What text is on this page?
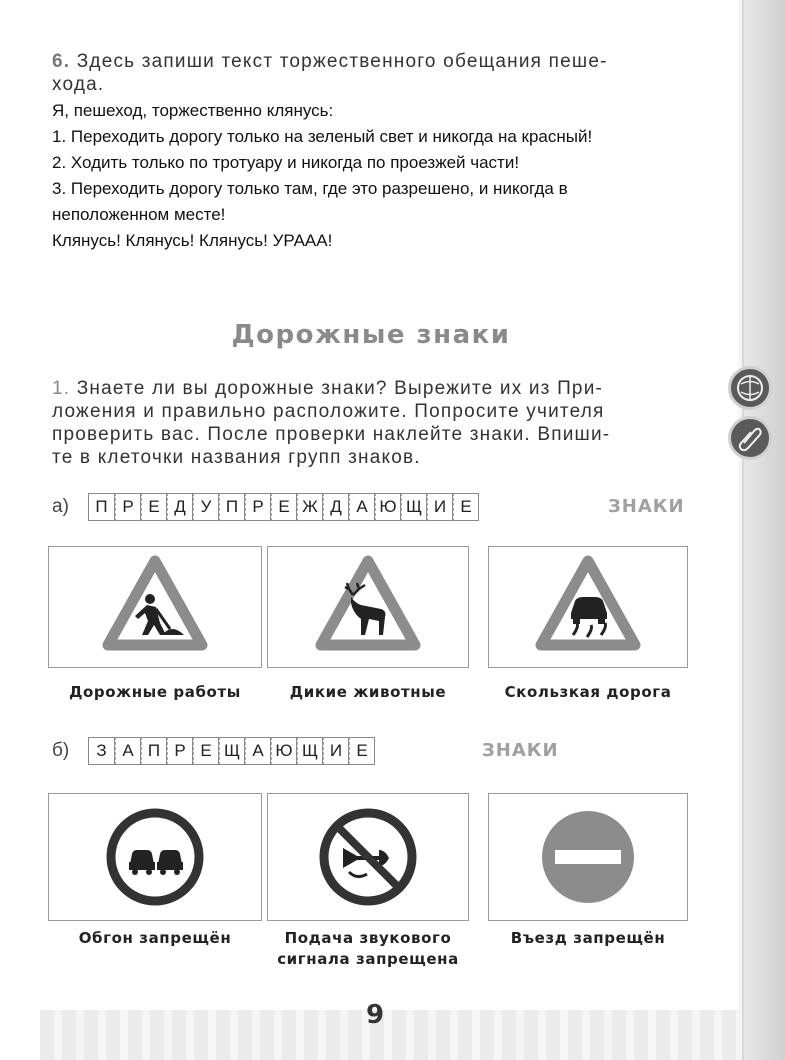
6. Здесь запиши текст торжественного обещания пеше-
хода.
Я, пешеход, торжественно клянусь:
1. Переходить дорогу только на зеленый свет и никогда на красный!
2. Ходить только по тротуару и никогда по проезжей части!
3. Переходить дорогу только там, где это разрешено, и никогда в
неположенном месте!
Клянусь! Клянусь! Клянусь! УРААА!
Дорожные знаки
1. Знаете ли вы дорожные знаки? Вырежите их из При-
ложения и правильно расположите. Попросите учителя
проверить вас. После проверки наклейте знаки. Впиши-
те в клеточки названия групп знаков.
а)	П Р Е Д У П Р Е Ж Д А Ю Щ И Е	ЗНАКИ
Дорожные работы	Дикие животные	Скользкая дорога
б)	З А П Р Е Щ А Ю Щ И Е	ЗНАКИ
Обгон запрещён	Подача звукового
сигнала запрещена
Въезд запрещён
9
